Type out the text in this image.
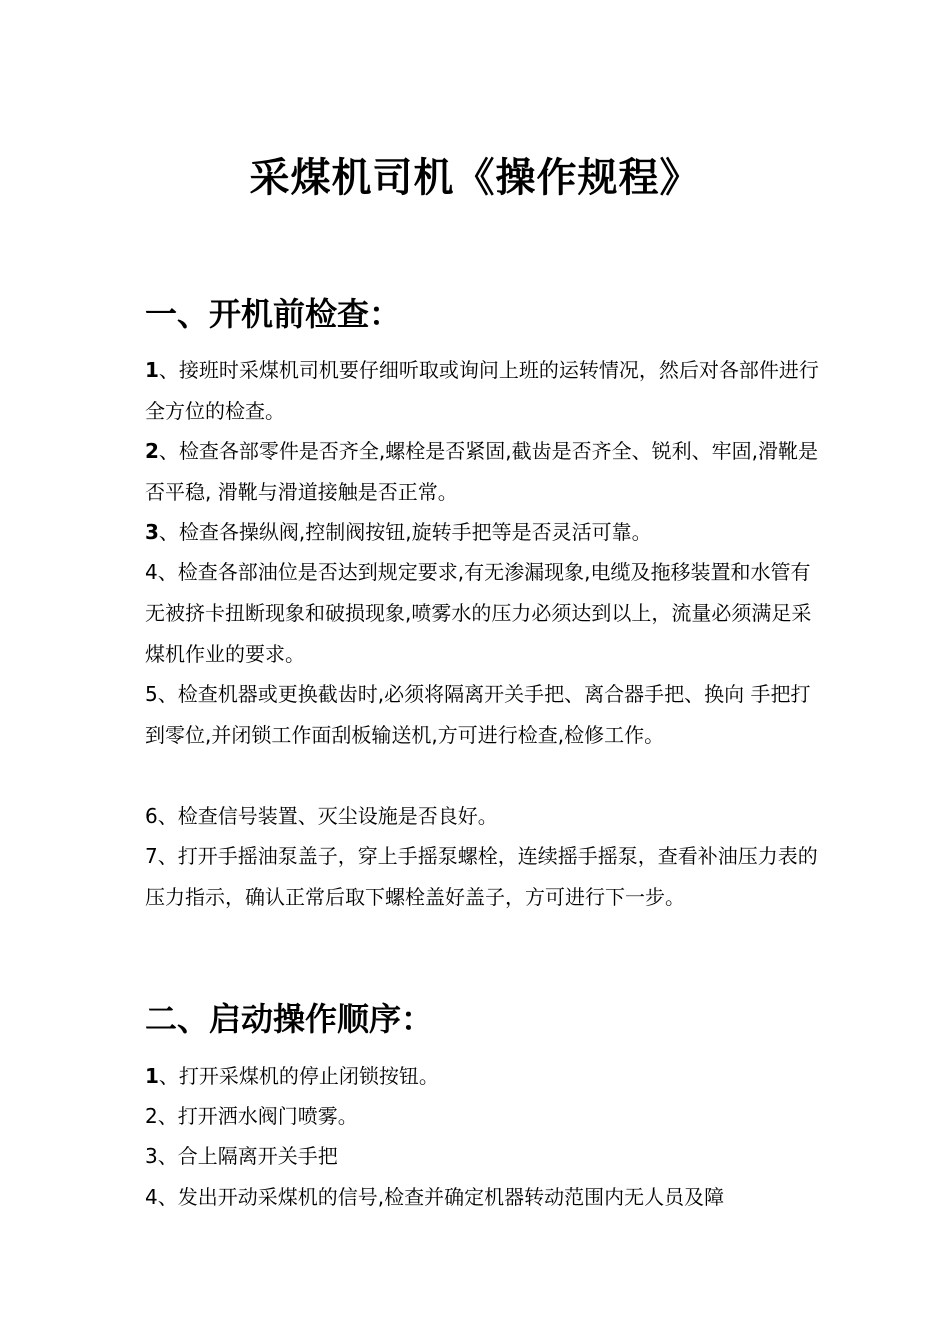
采煤机司机《操作规程》
一、开机前检查：

1、接班时采煤机司机要仔细听取或询问上班的运转情况，然后对各部件进行全方位的检查。

2、检查各部零件是否齐全,螺栓是否紧固,截齿是否齐全、锐利、牢固,滑靴是否平稳, 滑靴与滑道接触是否正常。

3、检查各操纵阀,控制阀按钮,旋转手把等是否灵活可靠。

4、检查各部油位是否达到规定要求,有无渗漏现象,电缆及拖移装置和水管有无被挤卡扭断现象和破损现象,喷雾水的压力必须达到以上，流量必须满足采煤机作业的要求。

5、检查机器或更换截齿时,必须将隔离开关手把、离合器手把、换向 手把打到零位,并闭锁工作面刮板输送机,方可进行检查,检修工作。

6、检查信号装置、灭尘设施是否良好。

7、打开手摇油泵盖子，穿上手摇泵螺栓，连续摇手摇泵，查看补油压力表的压力指示，确认正常后取下螺栓盖好盖子，方可进行下一步。

二、启动操作顺序：

1、打开采煤机的停止闭锁按钮。

2、打开洒水阀门喷雾。

3、合上隔离开关手把

4、发出开动采煤机的信号,检查并确定机器转动范围内无人员及障
